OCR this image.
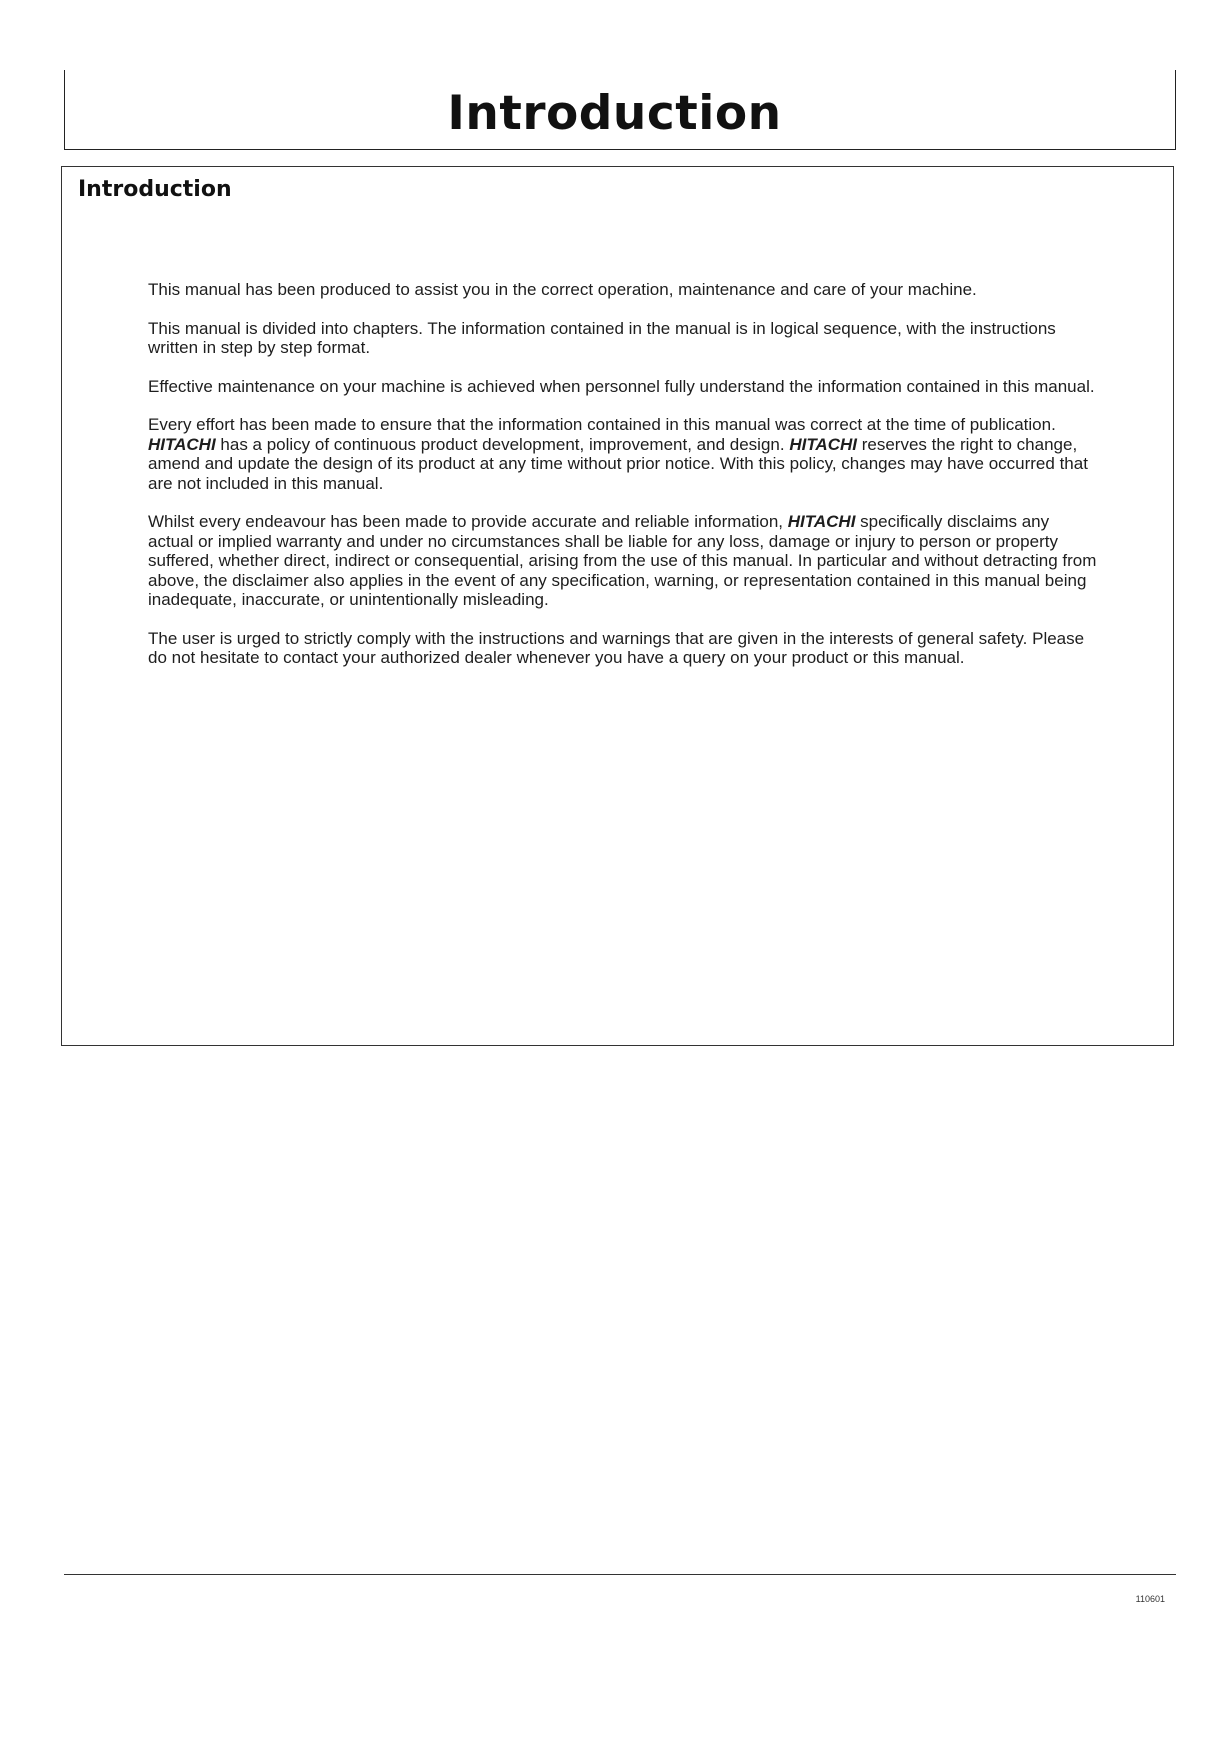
Introduction
Introduction

This manual has been produced to assist you in the correct operation, maintenance and care of your machine.

This manual is divided into chapters. The information contained in the manual is in logical sequence, with the instructions written in step by step format.

Effective maintenance on your machine is achieved when personnel fully understand the information contained in this manual.

Every effort has been made to ensure that the information contained in this manual was correct at the time of publication. HITACHI has a policy of continuous product development, improvement, and design. HITACHI reserves the right to change, amend and update the design of its product at any time without prior notice. With this policy, changes may have occurred that are not included in this manual.

Whilst every endeavour has been made to provide accurate and reliable information, HITACHI specifically disclaims any actual or implied warranty and under no circumstances shall be liable for any loss, damage or injury to person or property suffered, whether direct, indirect or consequential, arising from the use of this manual. In particular and without detracting from above, the disclaimer also applies in the event of any specification, warning, or representation contained in this manual being inadequate, inaccurate, or unintentionally misleading.

The user is urged to strictly comply with the instructions and warnings that are given in the interests of general safety. Please do not hesitate to contact your authorized dealer whenever you have a query on your product or this manual.

110601
